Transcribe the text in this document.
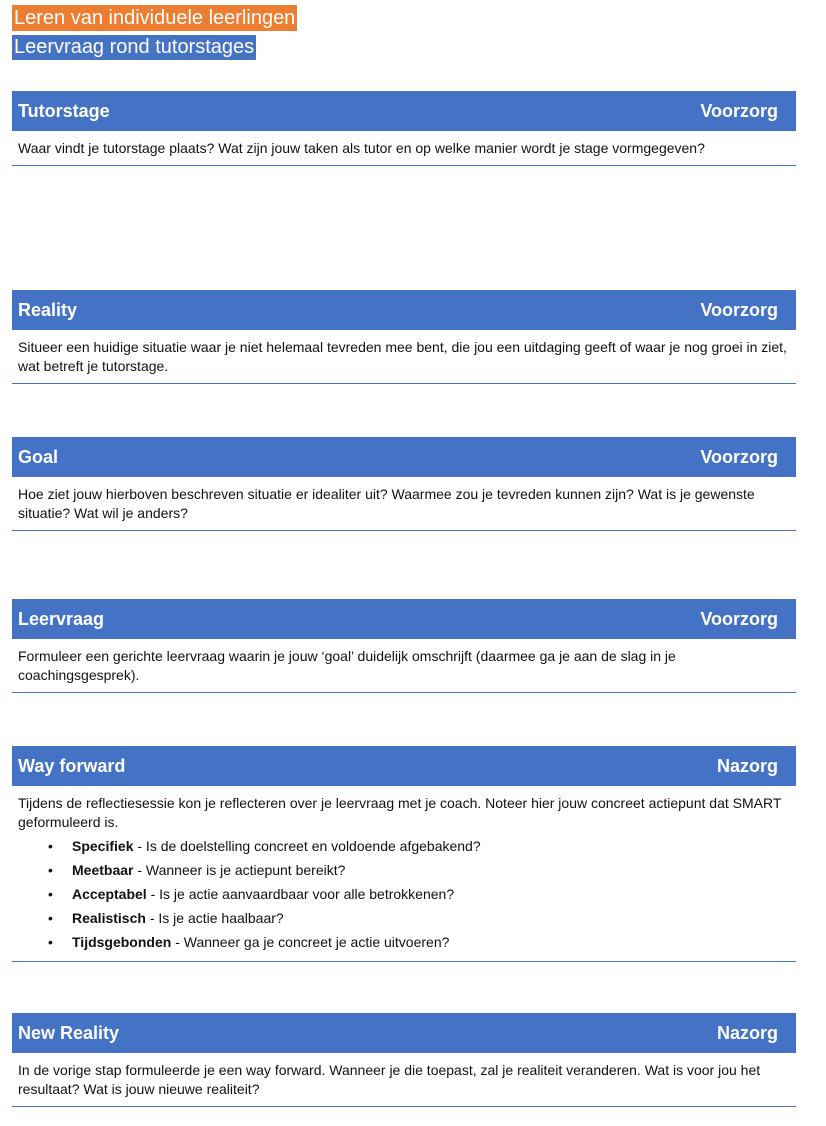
Leren van individuele leerlingen
Leervraag rond tutorstages
Tutorstage	Voorzorg

Waar vindt je tutorstage plaats? Wat zijn jouw taken als tutor en op welke manier wordt je stage vormgegeven?

Reality	Voorzorg

Situeer een huidige situatie waar je niet helemaal tevreden mee bent, die jou een uitdaging geeft of waar je nog groei in ziet, wat betreft je tutorstage.

Goal	Voorzorg

Hoe ziet jouw hierboven beschreven situatie er idealiter uit? Waarmee zou je tevreden kunnen zijn? Wat is je gewenste situatie? Wat wil je anders?

Leervraag	Voorzorg

Formuleer een gerichte leervraag waarin je jouw ‘goal’ duidelijk omschrijft (daarmee ga je aan de slag in je coachingsgesprek).

Way forward	Nazorg

Tijdens de reflectiesessie kon je reflecteren over je leervraag met je coach. Noteer hier jouw concreet actiepunt dat SMART geformuleerd is.

• Specifiek - Is de doelstelling concreet en voldoende afgebakend?
• Meetbaar - Wanneer is je actiepunt bereikt?
• Acceptabel - Is je actie aanvaardbaar voor alle betrokkenen?
• Realistisch - Is je actie haalbaar?
• Tijdsgebonden - Wanneer ga je concreet je actie uitvoeren?
New Reality	Nazorg

In de vorige stap formuleerde je een way forward. Wanneer je die toepast, zal je realiteit veranderen. Wat is voor jou het resultaat? Wat is jouw nieuwe realiteit?
